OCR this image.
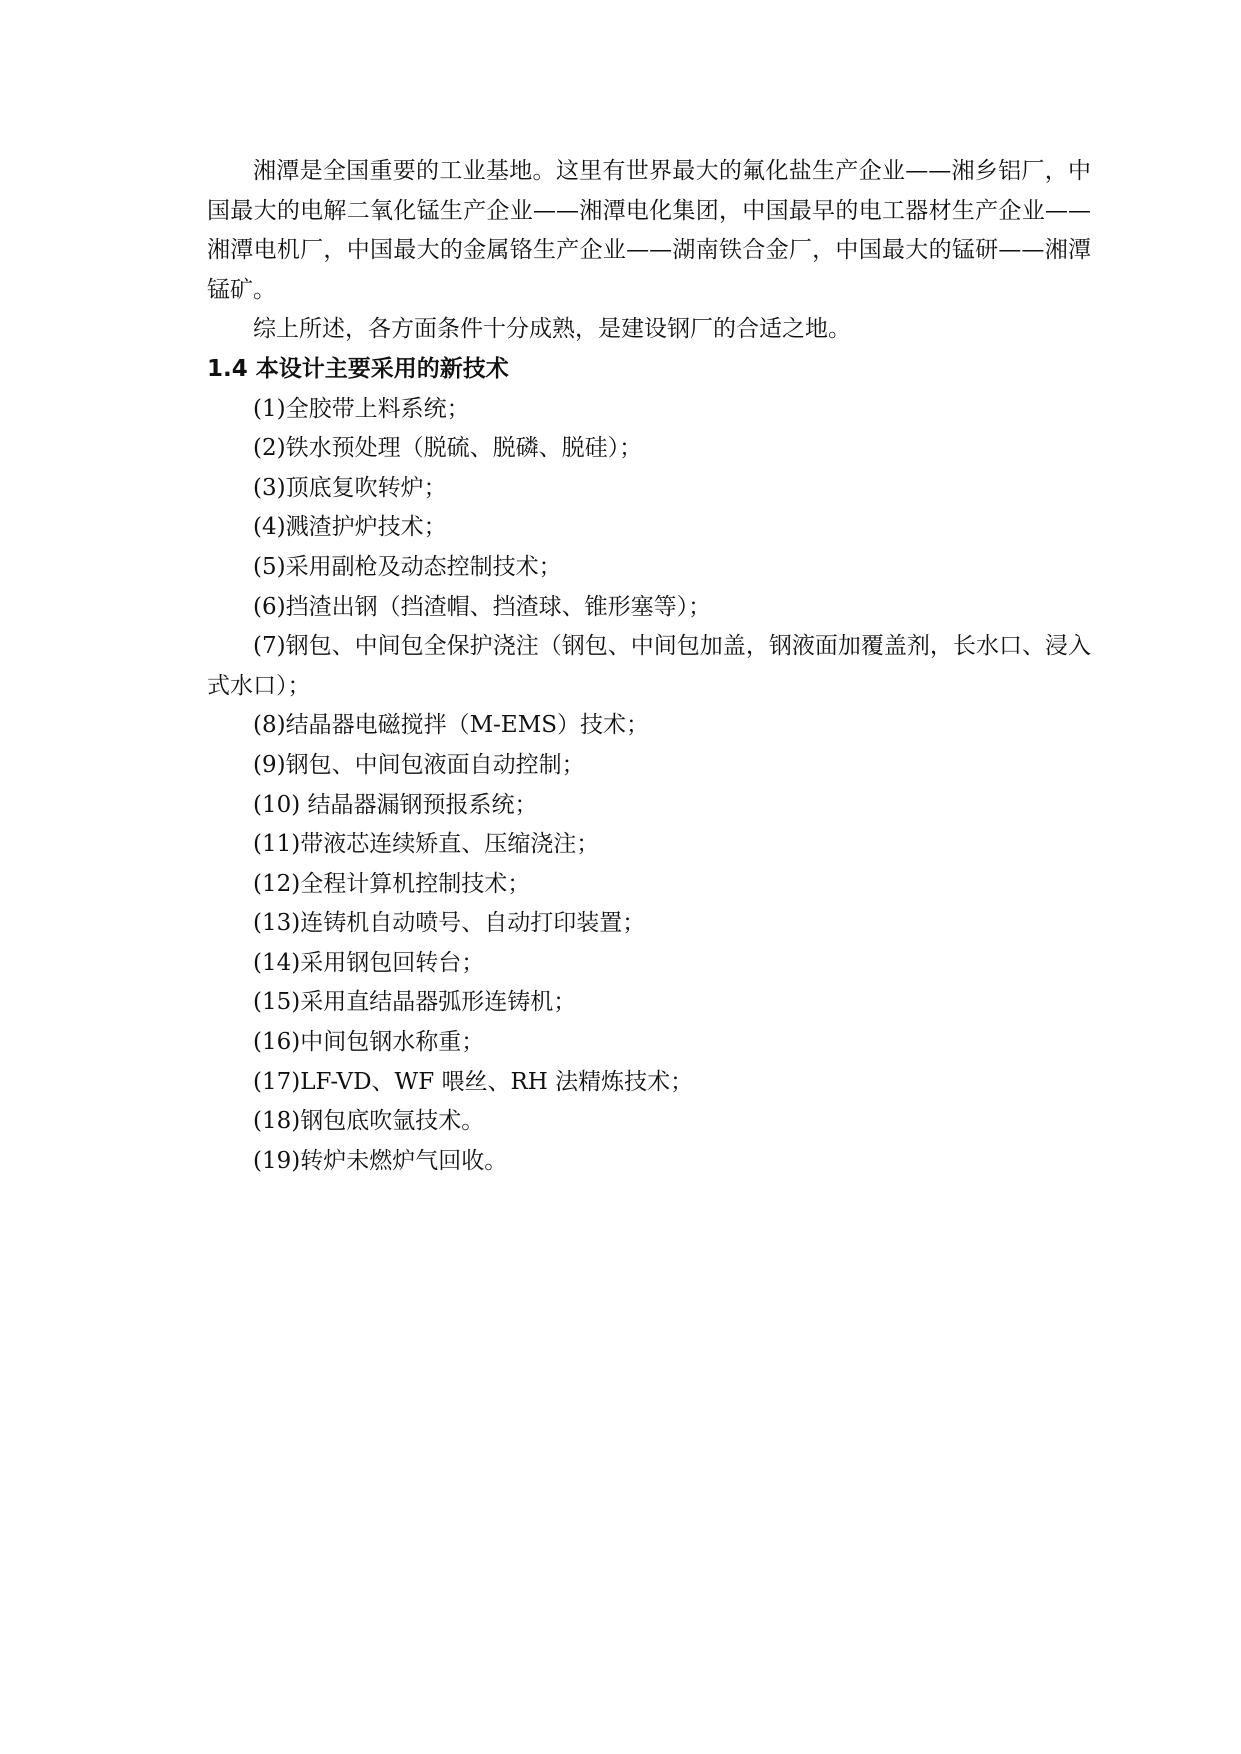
湘潭是全国重要的工业基地。这里有世界最大的氟化盐生产企业——湘乡铝厂，中国最大的电解二氧化锰生产企业——湘潭电化集团，中国最早的电工器材生产企业——湘潭电机厂，中国最大的金属铬生产企业——湖南铁合金厂，中国最大的锰研——湘潭锰矿。

综上所述，各方面条件十分成熟，是建设钢厂的合适之地。

1.4 本设计主要采用的新技术
(1)全胶带上料系统；
(2)铁水预处理（脱硫、脱磷、脱硅）；
(3)顶底复吹转炉；
(4)溅渣护炉技术；
(5)采用副枪及动态控制技术；
(6)挡渣出钢（挡渣帽、挡渣球、锥形塞等）；
(7)钢包、中间包全保护浇注（钢包、中间包加盖，钢液面加覆盖剂，长水口、浸入式水口）；
(8)结晶器电磁搅拌（M-EMS）技术；
(9)钢包、中间包液面自动控制；
(10) 结晶器漏钢预报系统；
(11)带液芯连续矫直、压缩浇注；
(12)全程计算机控制技术；
(13)连铸机自动喷号、自动打印装置；
(14)采用钢包回转台；
(15)采用直结晶器弧形连铸机；
(16)中间包钢水称重；
(17)LF-VD、WF 喂丝、RH 法精炼技术；
(18)钢包底吹氩技术。
(19)转炉未燃炉气回收。
